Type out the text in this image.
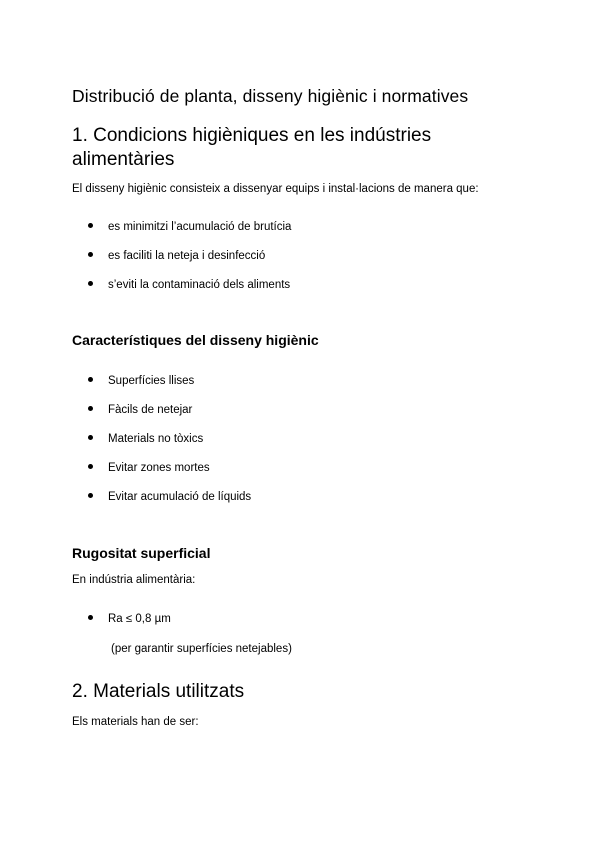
Distribució de planta, disseny higiènic i normatives
1. Condicions higièniques en les indústries alimentàries
El disseny higiènic consisteix a dissenyar equips i instal·lacions de manera que:
es minimitzi l’acumulació de brutícia
es faciliti la neteja i desinfecció
s’eviti la contaminació dels aliments
Característiques del disseny higiènic
Superfícies llises
Fàcils de netejar
Materials no tòxics
Evitar zones mortes
Evitar acumulació de líquids
Rugositat superficial
En indústria alimentària:
Ra ≤ 0,8 µm
(per garantir superfícies netejables)
2. Materials utilitzats
Els materials han de ser:
